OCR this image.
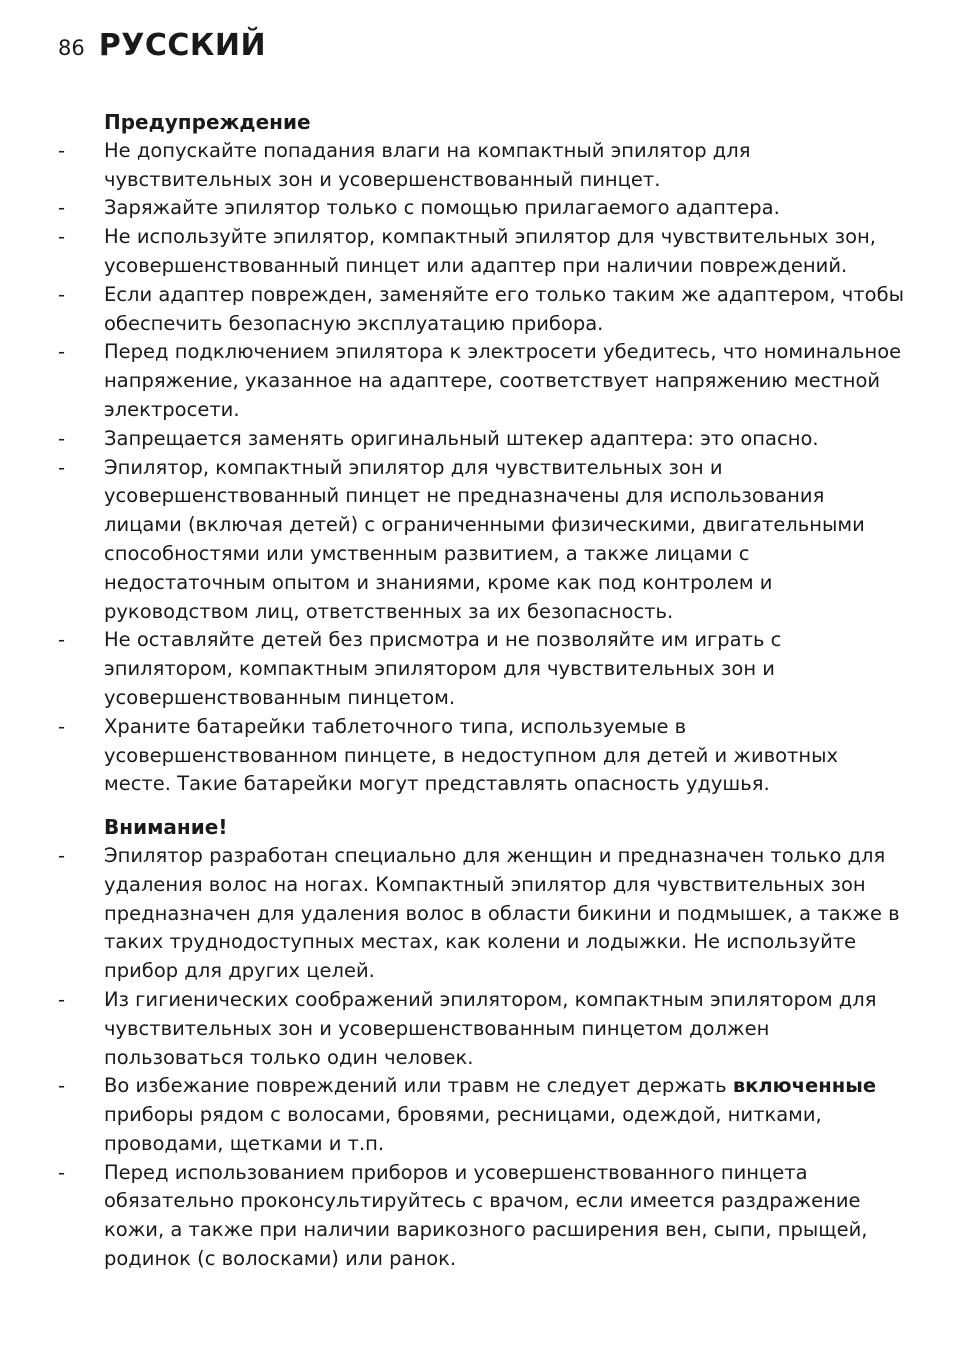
86 РУССКИЙ
Предупреждение
-	Не допускайте попадания влаги на компактный эпилятор для чувствительных зон и усовершенствованный пинцет.
-	Заряжайте эпилятор только с помощью прилагаемого адаптера.
-	Не используйте эпилятор, компактный эпилятор для чувствительных зон, усовершенствованный пинцет или адаптер при наличии повреждений.
-	Если адаптер поврежден, заменяйте его только таким же адаптером, чтобы обеспечить безопасную эксплуатацию прибора.
-	Перед подключением эпилятора к электросети убедитесь, что номинальное напряжение, указанное на адаптере, соответствует напряжению местной электросети.
-	Запрещается заменять оригинальный штекер адаптера: это опасно.
-	Эпилятор, компактный эпилятор для чувствительных зон и усовершенствованный пинцет не предназначены для использования лицами (включая детей) с ограниченными физическими, двигательными способностями или умственным развитием, а также лицами с недостаточным опытом и знаниями, кроме как под контролем и руководством лиц, ответственных за их безопасность.
-	Не оставляйте детей без присмотра и не позволяйте им играть с эпилятором, компактным эпилятором для чувствительных зон и усовершенствованным пинцетом.
-	Храните батарейки таблеточного типа, используемые в усовершенствованном пинцете, в недоступном для детей и животных месте. Такие батарейки могут представлять опасность удушья.
Внимание!
-	Эпилятор разработан специально для женщин и предназначен только для удаления волос на ногах. Компактный эпилятор для чувствительных зон предназначен для удаления волос в области бикини и подмышек, а также в таких труднодоступных местах, как колени и лодыжки. Не используйте прибор для других целей.
-	Из гигиенических соображений эпилятором, компактным эпилятором для чувствительных зон и усовершенствованным пинцетом должен пользоваться только один человек.
-	Во избежание повреждений или травм не следует держать включенные приборы рядом с волосами, бровями, ресницами, одеждой, нитками, проводами, щетками и т.п.
-	Перед использованием приборов и усовершенствованного пинцета обязательно проконсультируйтесь с врачом, если имеется раздражение кожи, а также при наличии варикозного расширения вен, сыпи, прыщей, родинок (с волосками) или ранок.
